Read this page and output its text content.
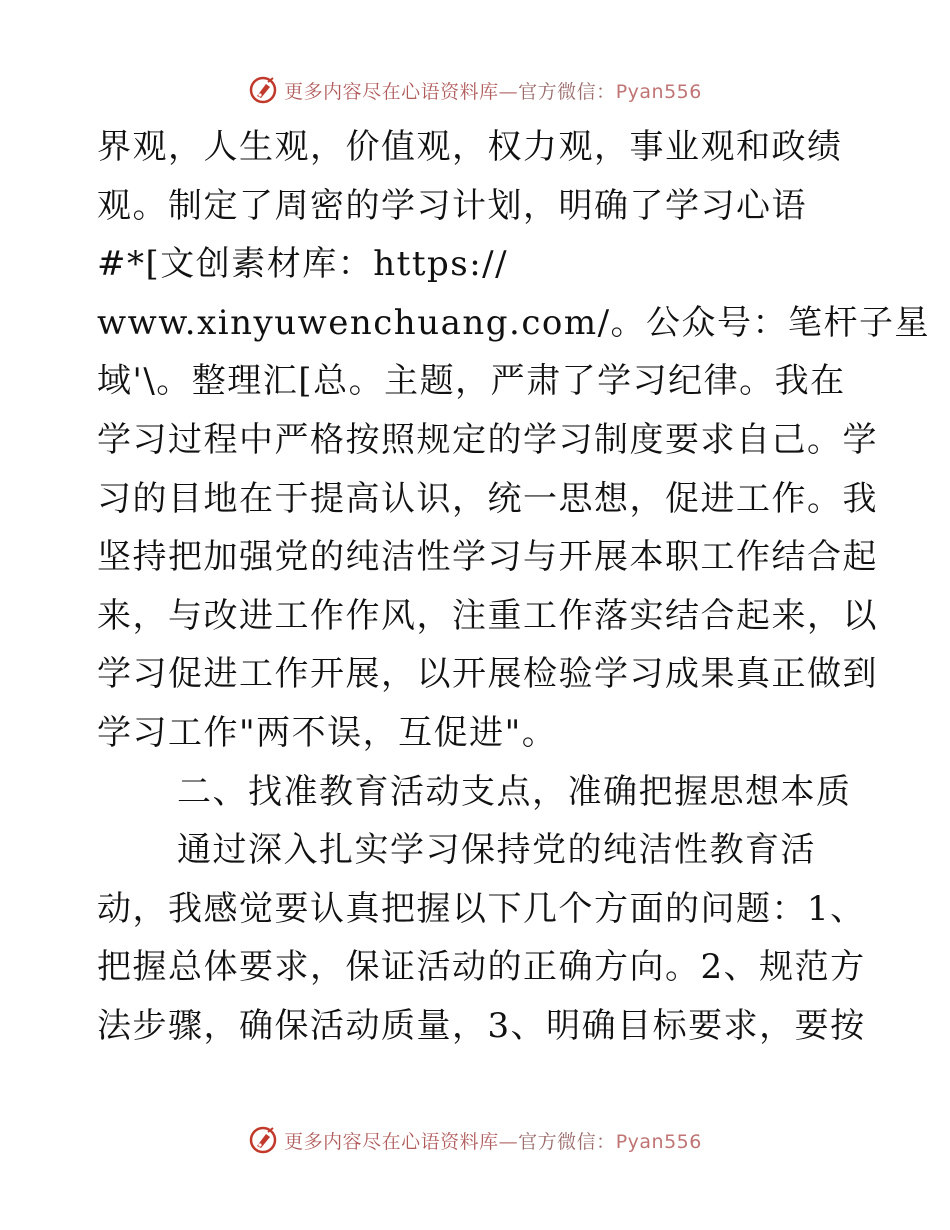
更多内容尽在心语资料库—官方微信：Pyan556
界观，人生观，价值观，权力观，事业观和政绩
观。制定了周密的学习计划，明确了学习心语
#*[文创素材库：https://
www.xinyuwenchuang.com/。公众号：笔杆子星
域'\。整理汇[总。主题，严肃了学习纪律。我在
学习过程中严格按照规定的学习制度要求自己。学
习的目地在于提高认识，统一思想，促进工作。我
坚持把加强党的纯洁性学习与开展本职工作结合起
来，与改进工作作风，注重工作落实结合起来，以
学习促进工作开展，以开展检验学习成果真正做到
学习工作"两不误，互促进"。
二、找准教育活动支点，准确把握思想本质
通过深入扎实学习保持党的纯洁性教育活
动，我感觉要认真把握以下几个方面的问题：1、
把握总体要求，保证活动的正确方向。2、规范方
法步骤，确保活动质量，3、明确目标要求，要按
更多内容尽在心语资料库—官方微信：Pyan556
